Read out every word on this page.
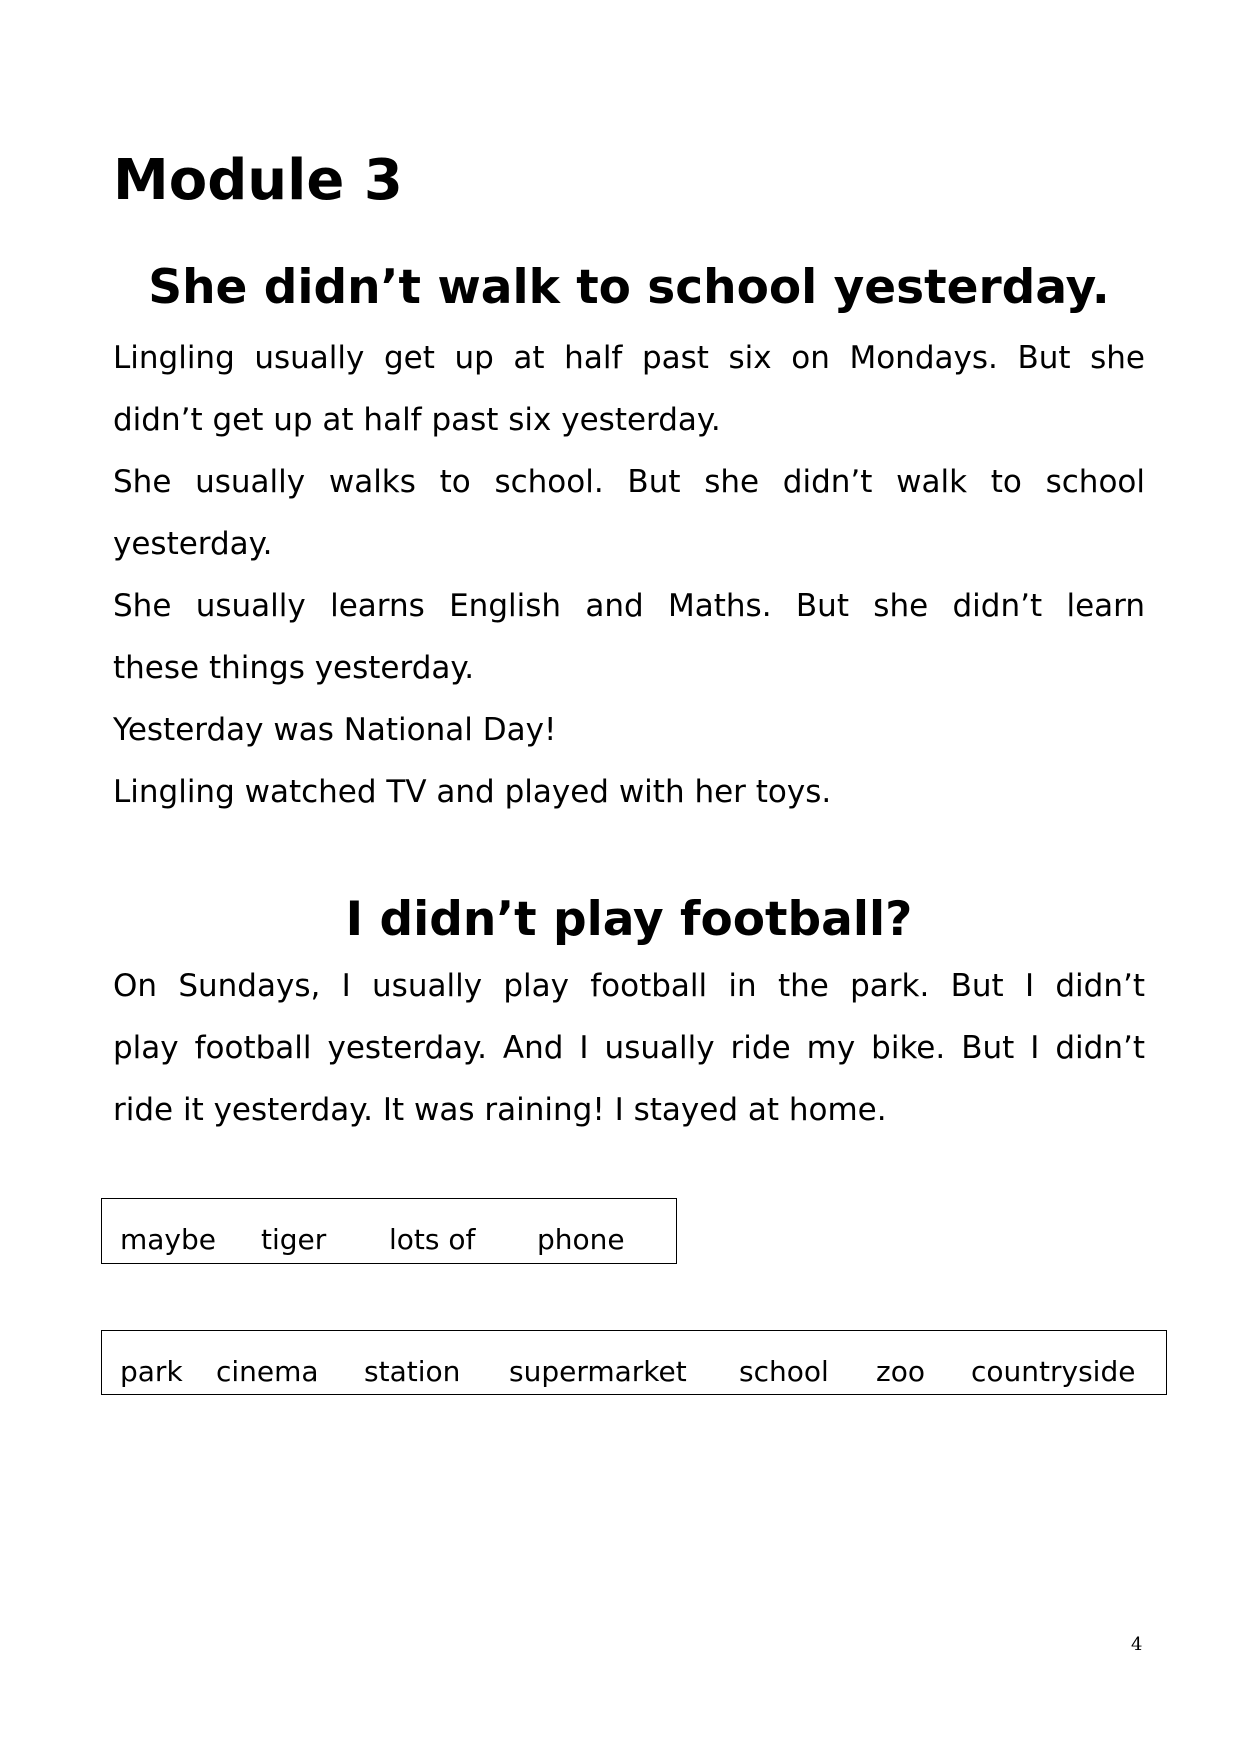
Module 3
She didn’t walk to school yesterday.
Lingling usually get up at half past six on Mondays. But she
didn’t get up at half past six yesterday.
She usually walks to school. But she didn’t walk to school
yesterday.
She usually learns English and Maths. But she didn’t learn
these things yesterday.
Yesterday was National Day!
Lingling watched TV and played with her toys.
I didn’t play football?
On Sundays, I usually play football in the park. But I didn’t
play football yesterday. And I usually ride my bike. But I didn’t
ride it yesterday. It was raining! I stayed at home.
maybe tiger lots of phone
park cinema station supermarket school zoo countryside
4
